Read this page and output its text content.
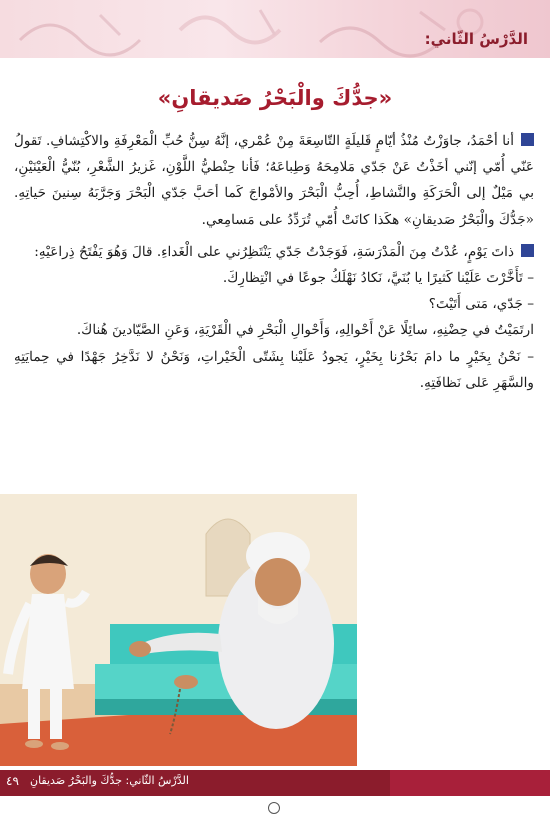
الدَّرْسُ الثّاني:
«جدُّكَ والْبَحْرُ صَديقانِ»

أنا أحْمَدُ، جاوَزْتُ مُنْذُ أيّامٍ قَليلَةٍ التّاسِعَةَ مِنْ عُمْري، إنَّهُ سِنُّ حُبِّ الْمَعْرِفَةِ والاكْتِشافِ. تَقولُ عَنّي أُمّي إنّني أخَذْتُ عَنْ جَدّي مَلامِحَهُ وَطِباعَهُ؛ فَأنا حِنْطيُّ اللَّوْنِ، غَزيرُ الشَّعْرِ، بُنّيُّ الْعَيْنَيْنِ، بي مَيْلٌ إلى الْحَرَكَةِ والنَّشاطِ، أُحِبُّ الْبَحْرَ والأمْواجَ كَما أحَبَّ جَدّي الْبَحْرَ وَجَرَّبَهُ سِنينَ حَياتِهِ. «جَدُّكَ والْبَحْرُ صَديقانِ» هكَذا كانَتْ أُمّي تُرَدِّدُ على مَسامِعي.

ذاتَ يَوْمٍ، عُدْتُ مِنَ الْمَدْرَسَةِ، فَوَجَدْتُ جَدّي يَنْتَظِرُني على الْغَداءِ. قالَ وَهُوَ يَفْتَحُ ذِراعَيْهِ:

– تَأَخَّرْتَ عَلَيْنا كَثيرًا يا بُنَيَّ، نَكادُ نَهْلَكُ جوعًا في انْتِظارِكَ.

– جَدّي، مَتى أَتَيْتَ؟

ارتَمَيْتُ في حِضْنِهِ، سائِلًا عَنْ أَحْوالِهِ، وَأَحْوالِ الْبَحْرِ في الْقَرْيَةِ، وَعَنِ الصَّيّادينَ هُناكَ.

– نَحْنُ بِخَيْرٍ ما دامَ بَحْرُنا بِخَيْرٍ، يَجودُ عَلَيْنا بِشَتّى الْخَيْراتِ، وَنَحْنُ لا نَدَّخِرُ جَهْدًا في حِمايَتِهِ والسَّهَرِ عَلى نَظافَتِهِ.

٤٩ الدَّرْسُ الثّاني: جدُّكَ والبَحْرُ صَديقانِ
